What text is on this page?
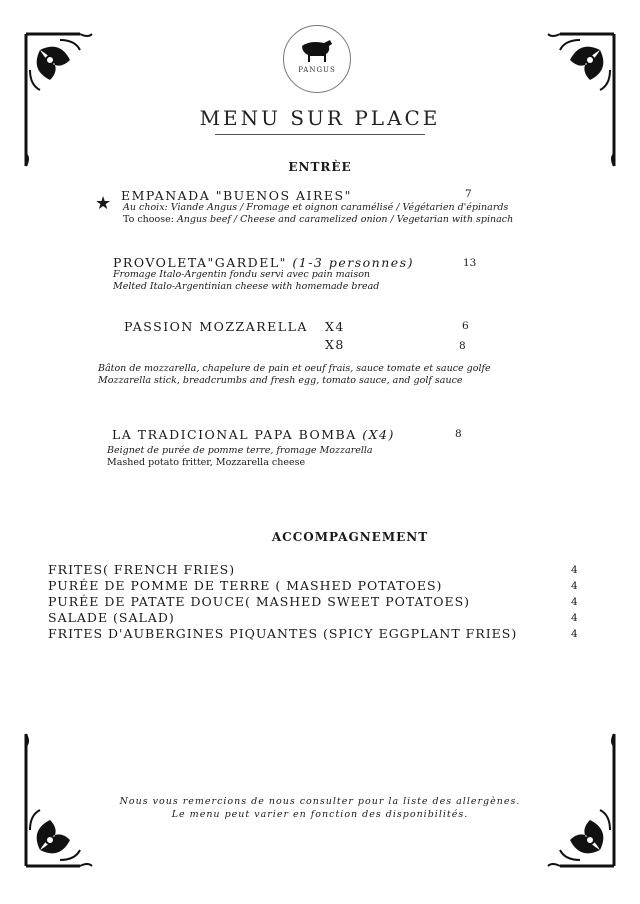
PANGUS
MENU SUR PLACE
ENTRÈE
★ EMPANADA "BUENOS AIRES"	7
Au choix: Viande Angus / Fromage et oignon caramélisé / Végétarien d'épinards
To choose: Angus beef / Cheese and caramelized onion / Vegetarian with spinach
PROVOLETA"GARDEL" (1-3 personnes)	13
Fromage Italo-Argentin fondu servi avec pain maison
Melted Italo-Argentinian cheese with homemade bread
PASSION MOZZARELLA X4	6
X8	8
Bâton de mozzarella, chapelure de pain et oeuf frais, sauce tomate et sauce golfe
Mozzarella stick, breadcrumbs and fresh egg, tomato sauce, and golf sauce
LA TRADICIONAL PAPA BOMBA (X4)	8
Beignet de purée de pomme terre, fromage Mozzarella
Mashed potato fritter, Mozzarella cheese
ACCOMPAGNEMENT
FRITES( FRENCH FRIES)	4
PURÉE DE POMME DE TERRE ( MASHED POTATOES)	4
PURÉE DE PATATE DOUCE( MASHED SWEET POTATOES)	4
SALADE (SALAD)	4
FRITES D'AUBERGINES PIQUANTES (SPICY EGGPLANT FRIES)	4
Nous vous remercions de nous consulter pour la liste des allergènes.
Le menu peut varier en fonction des disponibilités.
